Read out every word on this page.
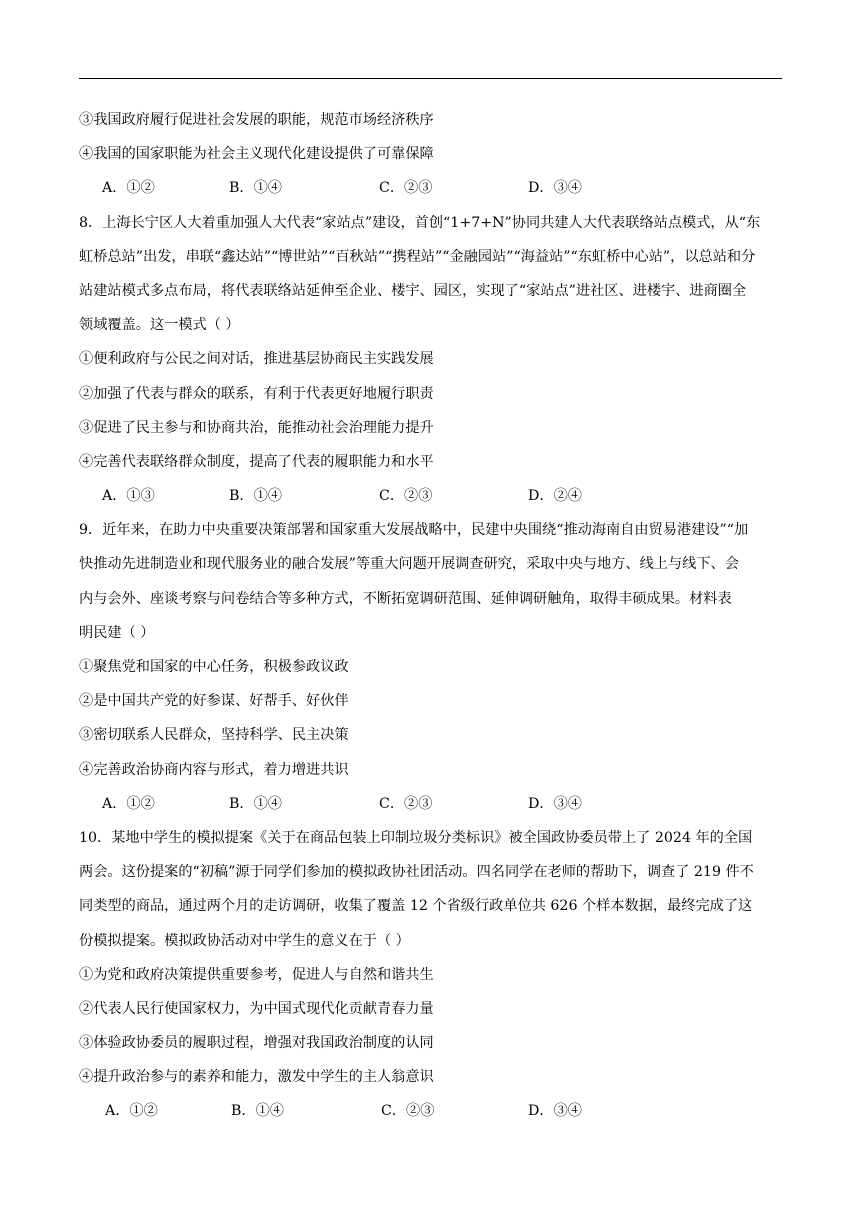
③我国政府履行促进社会发展的职能，规范市场经济秩序
④我国的国家职能为社会主义现代化建设提供了可靠保障
A．①②	B．①④	C．②③	D．③④
8．上海长宁区人大着重加强人大代表“家站点”建设，首创“1+7+N”协同共建人大代表联络站点模式，从“东
虹桥总站”出发，串联“鑫达站”“博世站”“百秋站”“携程站”“金融园站”“海益站”“东虹桥中心站”，以总站和分
站建站模式多点布局，将代表联络站延伸至企业、楼宇、园区，实现了“家站点”进社区、进楼宇、进商圈全
领域覆盖。这一模式（ ）
①便利政府与公民之间对话，推进基层协商民主实践发展
②加强了代表与群众的联系，有利于代表更好地履行职责
③促进了民主参与和协商共治，能推动社会治理能力提升
④完善代表联络群众制度，提高了代表的履职能力和水平
A．①③	B．①④	C．②③	D．②④
9．近年来，在助力中央重要决策部署和国家重大发展战略中，民建中央围绕“推动海南自由贸易港建设”“加
快推动先进制造业和现代服务业的融合发展”等重大问题开展调查研究，采取中央与地方、线上与线下、会
内与会外、座谈考察与问卷结合等多种方式，不断拓宽调研范围、延伸调研触角，取得丰硕成果。材料表
明民建（ ）
①聚焦党和国家的中心任务，积极参政议政
②是中国共产党的好参谋、好帮手、好伙伴
③密切联系人民群众，坚持科学、民主决策
④完善政治协商内容与形式，着力增进共识
A．①②	B．①④	C．②③	D．③④
10．某地中学生的模拟提案《关于在商品包装上印制垃圾分类标识》被全国政协委员带上了 2024 年的全国
两会。这份提案的“初稿”源于同学们参加的模拟政协社团活动。四名同学在老师的帮助下，调查了 219 件不
同类型的商品，通过两个月的走访调研，收集了覆盖 12 个省级行政单位共 626 个样本数据，最终完成了这
份模拟提案。模拟政协活动对中学生的意义在于（ ）
①为党和政府决策提供重要参考，促进人与自然和谐共生
②代表人民行使国家权力，为中国式现代化贡献青春力量
③体验政协委员的履职过程，增强对我国政治制度的认同
④提升政治参与的素养和能力，激发中学生的主人翁意识
A．①②	B．①④	C．②③	D．③④
